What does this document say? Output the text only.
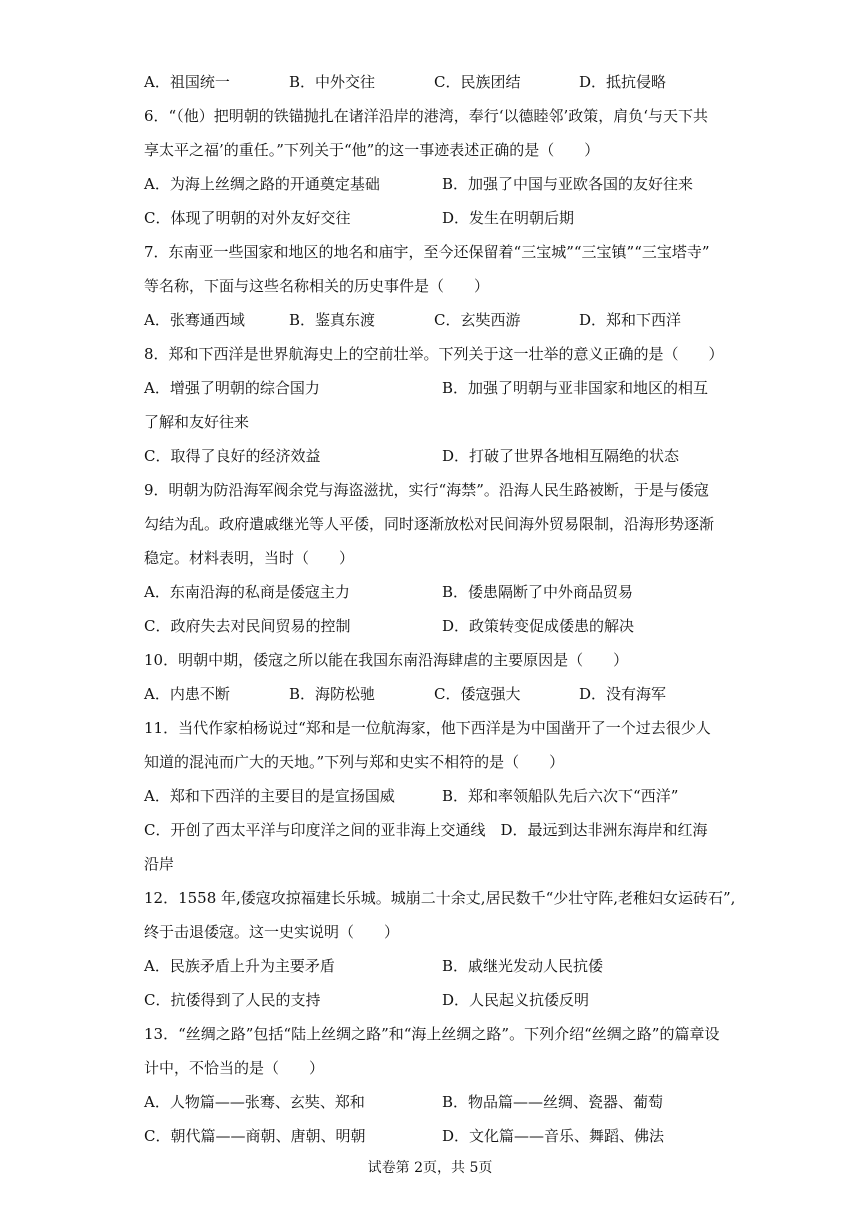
A．祖国统一	B．中外交往	C．民族团结	D．抵抗侵略
6．“（他）把明朝的铁锚抛扎在诸洋沿岸的港湾，奉行‘以德睦邻’政策，肩负‘与天下共
享太平之福’的重任。”下列关于“他”的这一事迹表述正确的是（　　）
A．为海上丝绸之路的开通奠定基础	B．加强了中国与亚欧各国的友好往来
C．体现了明朝的对外友好交往	D．发生在明朝后期
7．东南亚一些国家和地区的地名和庙宇，至今还保留着“三宝城”“三宝镇”“三宝塔寺”
等名称，下面与这些名称相关的历史事件是（　　）
A．张骞通西域	B．鉴真东渡	C．玄奘西游	D．郑和下西洋
8．郑和下西洋是世界航海史上的空前壮举。下列关于这一壮举的意义正确的是（　　）
A．增强了明朝的综合国力	B．加强了明朝与亚非国家和地区的相互
了解和友好往来
C．取得了良好的经济效益	D．打破了世界各地相互隔绝的状态
9．明朝为防沿海军阀余党与海盗滋扰，实行“海禁”。沿海人民生路被断，于是与倭寇
勾结为乱。政府遣戚继光等人平倭，同时逐渐放松对民间海外贸易限制，沿海形势逐渐
稳定。材料表明，当时（　　）
A．东南沿海的私商是倭寇主力	B．倭患隔断了中外商品贸易
C．政府失去对民间贸易的控制	D．政策转变促成倭患的解决
10．明朝中期，倭寇之所以能在我国东南沿海肆虐的主要原因是（　　）
A．内患不断	B．海防松驰	C．倭寇强大	D．没有海军
11．当代作家柏杨说过“郑和是一位航海家，他下西洋是为中国凿开了一个过去很少人
知道的混沌而广大的天地。”下列与郑和史实不相符的是（　　）
A．郑和下西洋的主要目的是宣扬国威	B．郑和率领船队先后六次下“西洋”
C．开创了西太平洋与印度洋之间的亚非海上交通线　D．最远到达非洲东海岸和红海
沿岸
12．1558 年,倭寇攻掠福建长乐城。城崩二十余丈,居民数千“少壮守阵,老稚妇女运砖石”,
终于击退倭寇。这一史实说明（　　）
A．民族矛盾上升为主要矛盾	B．戚继光发动人民抗倭
C．抗倭得到了人民的支持	D．人民起义抗倭反明
13．“丝绸之路”包括“陆上丝绸之路”和“海上丝绸之路”。下列介绍“丝绸之路”的篇章设
计中，不恰当的是（　　）
A．人物篇——张骞、玄奘、郑和	B．物品篇——丝绸、瓷器、葡萄
C．朝代篇——商朝、唐朝、明朝	D．文化篇——音乐、舞蹈、佛法
试卷第 2页，共 5页
